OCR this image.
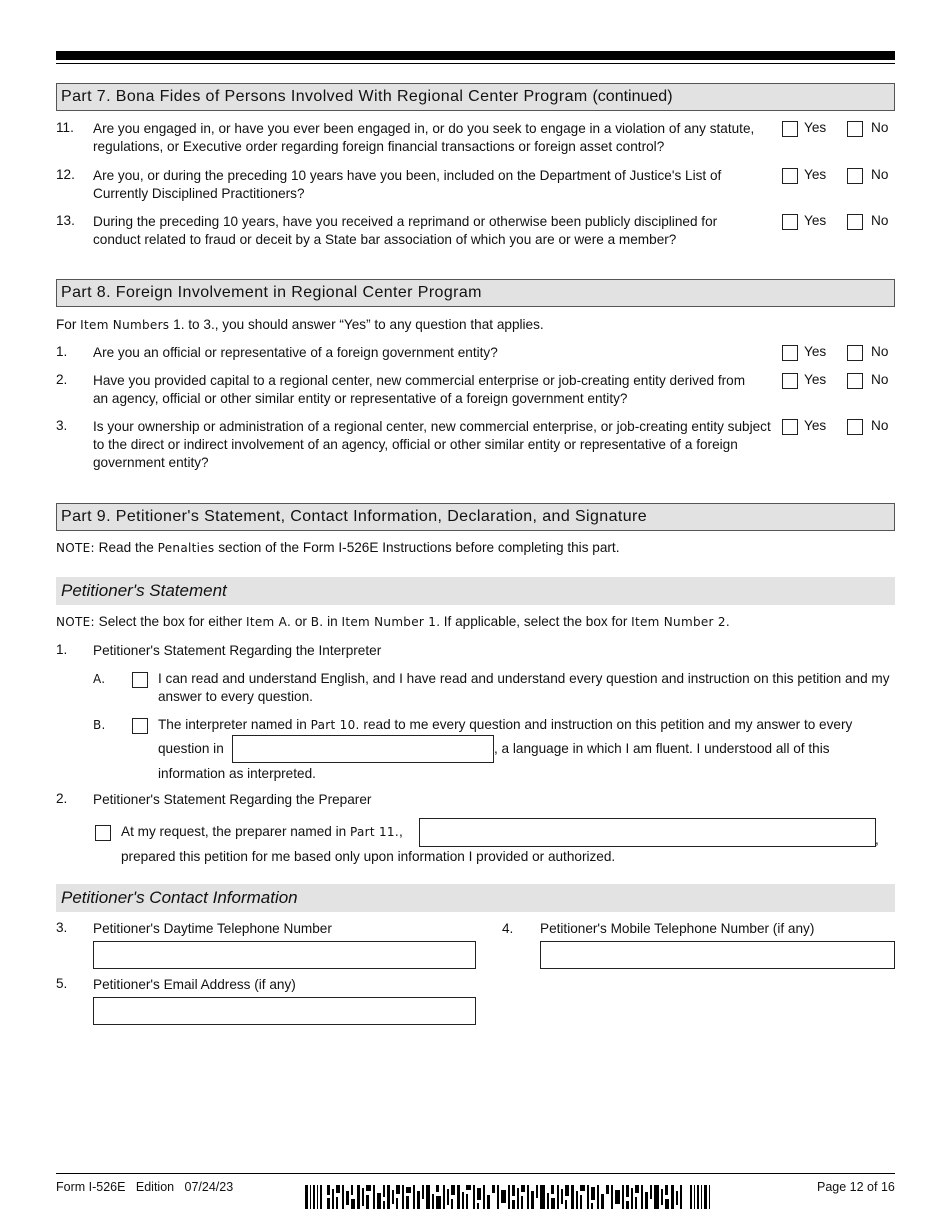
Part 7. Bona Fides of Persons Involved With Regional Center Program (continued)
11. Are you engaged in, or have you ever been engaged in, or do you seek to engage in a violation of any statute, regulations, or Executive order regarding foreign financial transactions or foreign asset control?
Yes	No
12. Are you, or during the preceding 10 years have you been, included on the Department of Justice's List of Currently Disciplined Practitioners?
Yes	No
13. During the preceding 10 years, have you received a reprimand or otherwise been publicly disciplined for conduct related to fraud or deceit by a State bar association of which you are or were a member?
Yes	No
Part 8. Foreign Involvement in Regional Center Program
For Item Numbers 1. to 3., you should answer “Yes” to any question that applies.
1. Are you an official or representative of a foreign government entity?	Yes	No
2. Have you provided capital to a regional center, new commercial enterprise or job-creating entity derived from an agency, official or other similar entity or representative of a foreign government entity?
Yes	No
3. Is your ownership or administration of a regional center, new commercial enterprise, or job-creating entity subject to the direct or indirect involvement of an agency, official or other similar entity or representative of a foreign government entity?
Yes	No
Part 9. Petitioner's Statement, Contact Information, Declaration, and Signature
NOTE: Read the Penalties section of the Form I-526E Instructions before completing this part.
Petitioner's Statement
NOTE: Select the box for either Item A. or B. in Item Number 1. If applicable, select the box for Item Number 2.
1. Petitioner's Statement Regarding the Interpreter
A.	I can read and understand English, and I have read and understand every question and instruction on this petition and my answer to every question.
B.	The interpreter named in Part 10. read to me every question and instruction on this petition and my answer to every
question in	, a language in which I am fluent. I understood all of this
information as interpreted.
2. Petitioner's Statement Regarding the Preparer
At my request, the preparer named in Part 11.,
,
prepared this petition for me based only upon information I provided or authorized.
Petitioner's Contact Information
3. Petitioner's Daytime Telephone Number	4. Petitioner's Mobile Telephone Number (if any)
5. Petitioner's Email Address (if any)
Form I-526E   Edition   07/24/23	Page 12 of 16
